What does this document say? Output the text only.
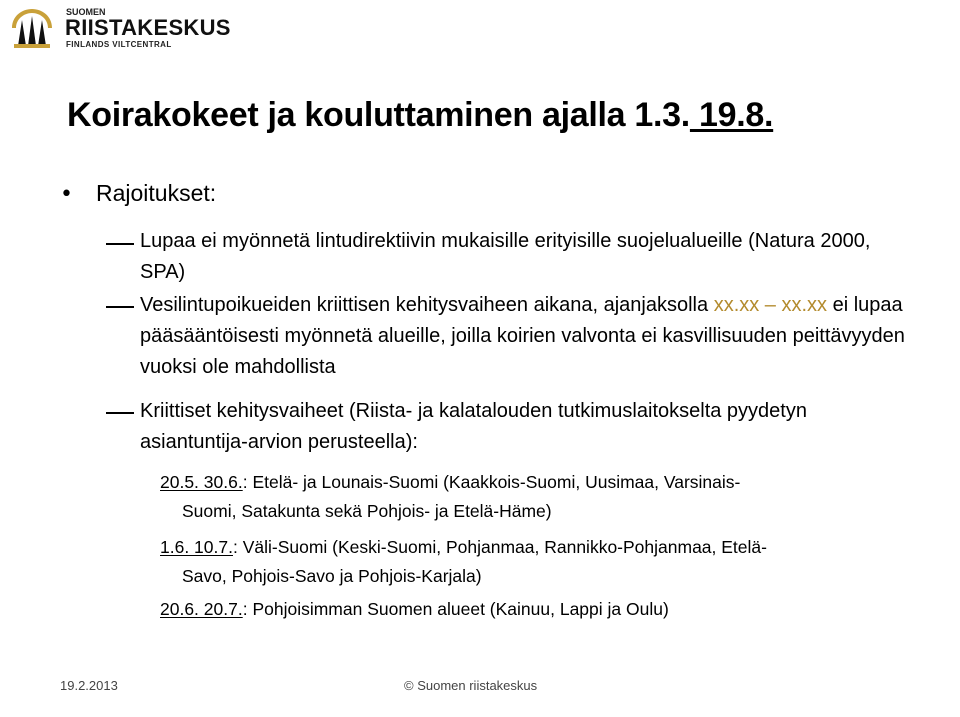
SUOMEN
RIISTAKESKUS
FINLANDS VILTCENTRAL
Koirakokeet ja kouluttaminen ajalla 1.3. 19.8.
• Rajoitukset:
Lupaa ei myönnetä lintudirektiivin mukaisille erityisille suojelualueille (Natura 2000, SPA)
Vesilintupoikueiden kriittisen kehitysvaiheen aikana, ajanjaksolla xx.xx – xx.xx ei lupaa pääsääntöisesti myönnetä alueille, joilla koirien valvonta ei kasvillisuuden peittävyyden vuoksi ole mahdollista
Kriittiset kehitysvaiheet (Riista- ja kalatalouden tutkimuslaitokselta pyydetyn asiantuntija-arvion perusteella):
20.5. 30.6.: Etelä- ja Lounais-Suomi (Kaakkois-Suomi, Uusimaa, Varsinais-
Suomi, Satakunta sekä Pohjois- ja Etelä-Häme)
1.6. 10.7.: Väli-Suomi (Keski-Suomi, Pohjanmaa, Rannikko-Pohjanmaa, Etelä-
Savo, Pohjois-Savo ja Pohjois-Karjala)
20.6. 20.7.: Pohjoisimman Suomen alueet (Kainuu, Lappi ja Oulu)
19.2.2013	© Suomen riistakeskus
